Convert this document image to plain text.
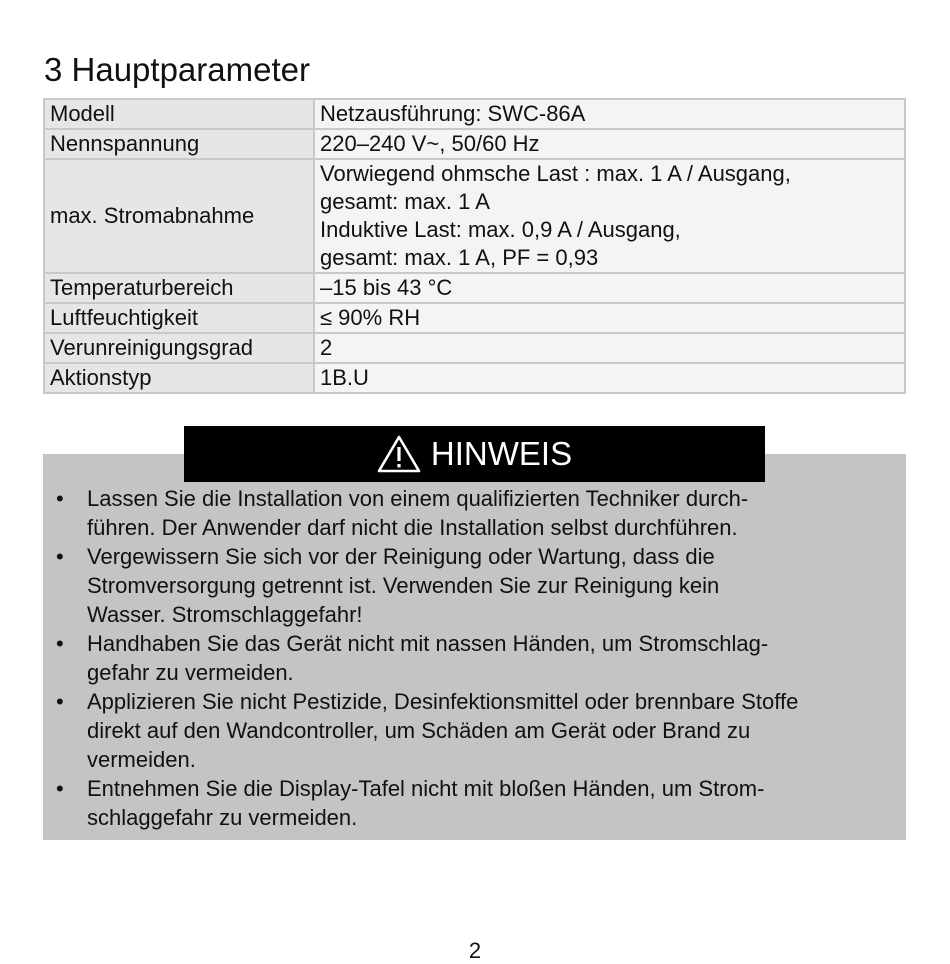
3 Hauptparameter
Modell	Netzausführung: SWC-86A

Nennspannung	220–240 V~, 50/60 Hz

max. Stromabnahme	Vorwiegend ohmsche Last : max. 1 A / Ausgang,
gesamt: max. 1 A
Induktive Last: max. 0,9 A / Ausgang,
gesamt: max. 1 A, PF = 0,93

Temperaturbereich	–15 bis 43 °C

Luftfeuchtigkeit	≤ 90% RH

Verunreinigungsgrad	2

Aktionstyp	1B.U
HINWEIS
• Lassen Sie die Installation von einem qualifizierten Techniker durch-
führen. Der Anwender darf nicht die Installation selbst durchführen.
• Vergewissern Sie sich vor der Reinigung oder Wartung, dass die
Stromversorgung getrennt ist. Verwenden Sie zur Reinigung kein
Wasser. Stromschlaggefahr!
• Handhaben Sie das Gerät nicht mit nassen Händen, um Stromschlag-
gefahr zu vermeiden.
• Applizieren Sie nicht Pestizide, Desinfektionsmittel oder brennbare Stoffe
direkt auf den Wandcontroller, um Schäden am Gerät oder Brand zu
vermeiden.
• Entnehmen Sie die Display-Tafel nicht mit bloßen Händen, um Strom-
schlaggefahr zu vermeiden.
2
